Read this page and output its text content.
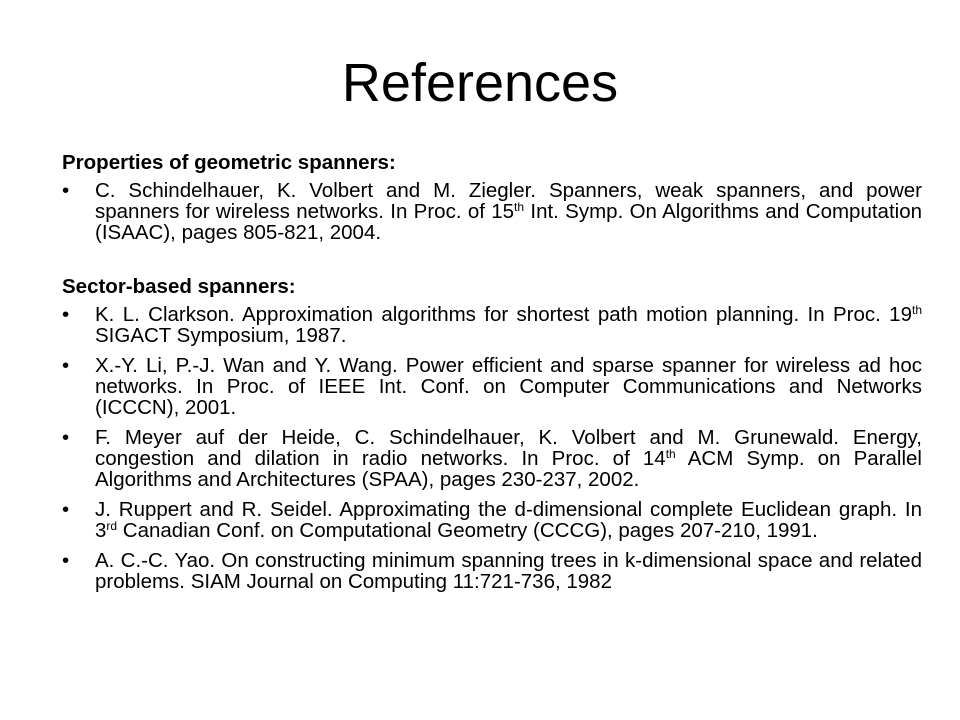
References
Properties of geometric spanners:
• C. Schindelhauer, K. Volbert and M. Ziegler. Spanners, weak spanners, and power spanners for wireless networks. In Proc. of 15th Int. Symp. On Algorithms and Computation (ISAAC), pages 805-821, 2004.
Sector-based spanners:
• K. L. Clarkson. Approximation algorithms for shortest path motion planning. In Proc. 19th SIGACT Symposium, 1987.
• X.-Y. Li, P.-J. Wan and Y. Wang. Power efficient and sparse spanner for wireless ad hoc networks. In Proc. of IEEE Int. Conf. on Computer Communications and Networks (ICCCN), 2001.
• F. Meyer auf der Heide, C. Schindelhauer, K. Volbert and M. Grunewald. Energy, congestion and dilation in radio networks. In Proc. of 14th ACM Symp. on Parallel Algorithms and Architectures (SPAA), pages 230-237, 2002.
• J. Ruppert and R. Seidel. Approximating the d-dimensional complete Euclidean graph. In 3rd Canadian Conf. on Computational Geometry (CCCG), pages 207-210, 1991.
• A. C.-C. Yao. On constructing minimum spanning trees in k-dimensional space and related problems. SIAM Journal on Computing 11:721-736, 1982
